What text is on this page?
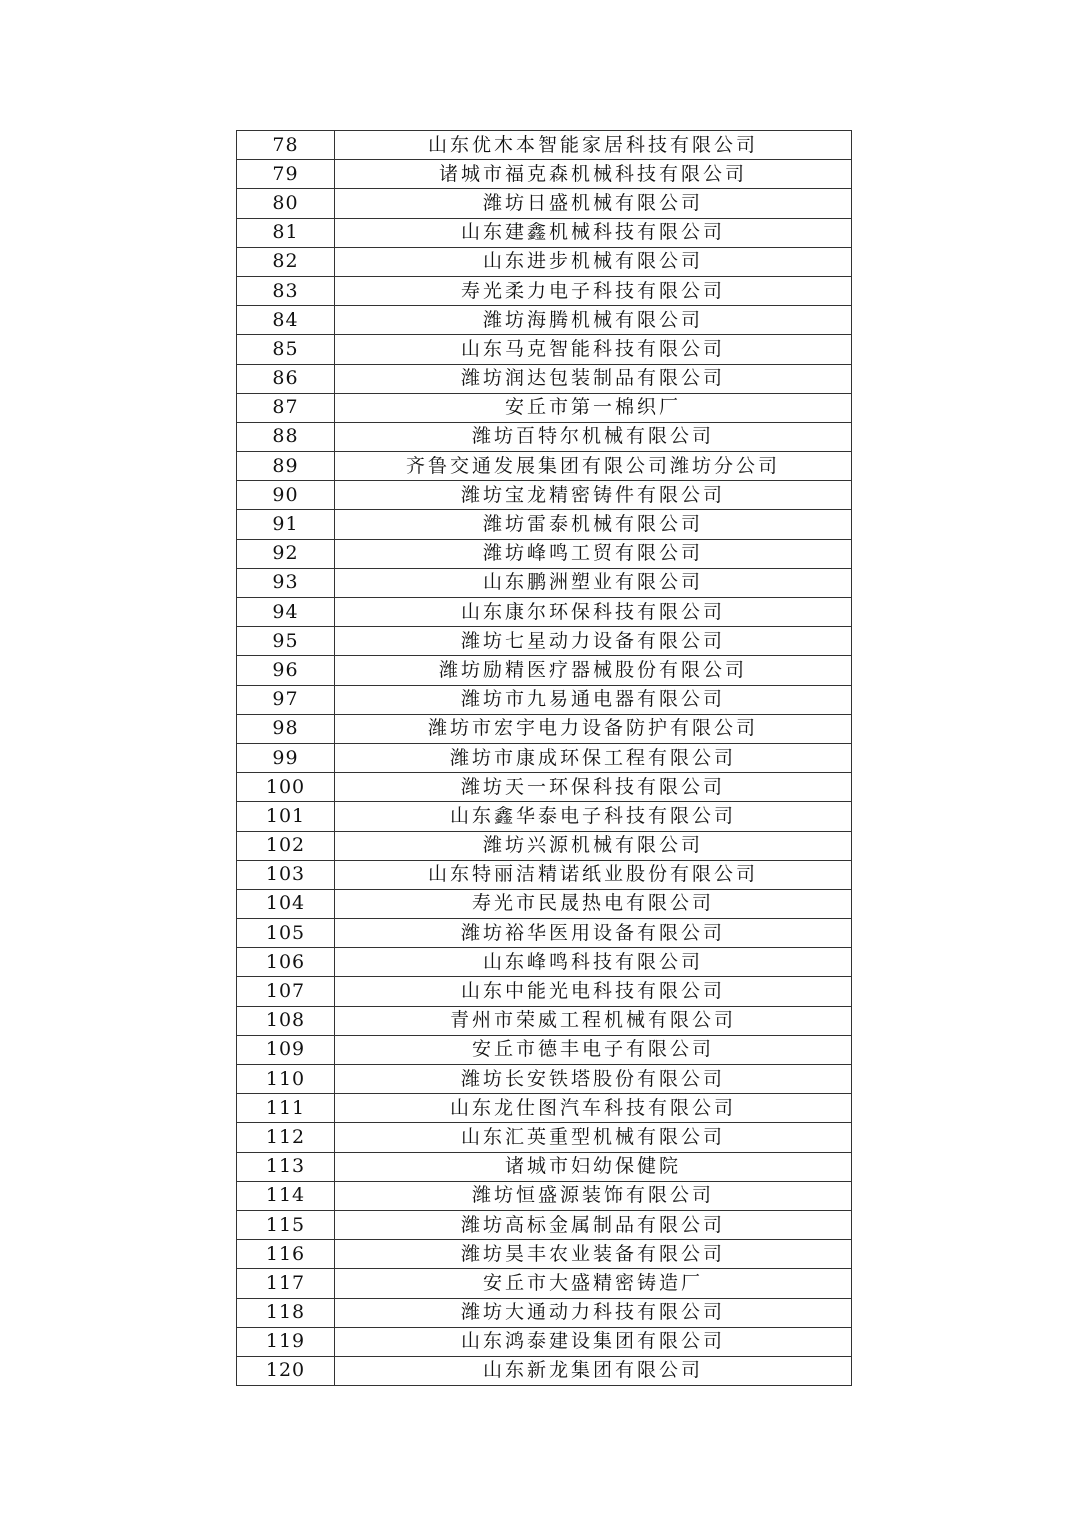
78	山东优木本智能家居科技有限公司
79	诸城市福克森机械科技有限公司
80	潍坊日盛机械有限公司
81	山东建鑫机械科技有限公司
82	山东进步机械有限公司
83	寿光柔力电子科技有限公司
84	潍坊海腾机械有限公司
85	山东马克智能科技有限公司
86	潍坊润达包装制品有限公司
87	安丘市第一棉织厂
88	潍坊百特尔机械有限公司
89	齐鲁交通发展集团有限公司潍坊分公司
90	潍坊宝龙精密铸件有限公司
91	潍坊雷泰机械有限公司
92	潍坊峰鸣工贸有限公司
93	山东鹏洲塑业有限公司
94	山东康尔环保科技有限公司
95	潍坊七星动力设备有限公司
96	潍坊励精医疗器械股份有限公司
97	潍坊市九易通电器有限公司
98	潍坊市宏宇电力设备防护有限公司
99	潍坊市康成环保工程有限公司
100	潍坊天一环保科技有限公司
101	山东鑫华泰电子科技有限公司
102	潍坊兴源机械有限公司
103	山东特丽洁精诺纸业股份有限公司
104	寿光市民晟热电有限公司
105	潍坊裕华医用设备有限公司
106	山东峰鸣科技有限公司
107	山东中能光电科技有限公司
108	青州市荣威工程机械有限公司
109	安丘市德丰电子有限公司
110	潍坊长安铁塔股份有限公司
111	山东龙仕图汽车科技有限公司
112	山东汇英重型机械有限公司
113	诸城市妇幼保健院
114	潍坊恒盛源装饰有限公司
115	潍坊高标金属制品有限公司
116	潍坊昊丰农业装备有限公司
117	安丘市大盛精密铸造厂
118	潍坊大通动力科技有限公司
119	山东鸿泰建设集团有限公司
120	山东新龙集团有限公司
